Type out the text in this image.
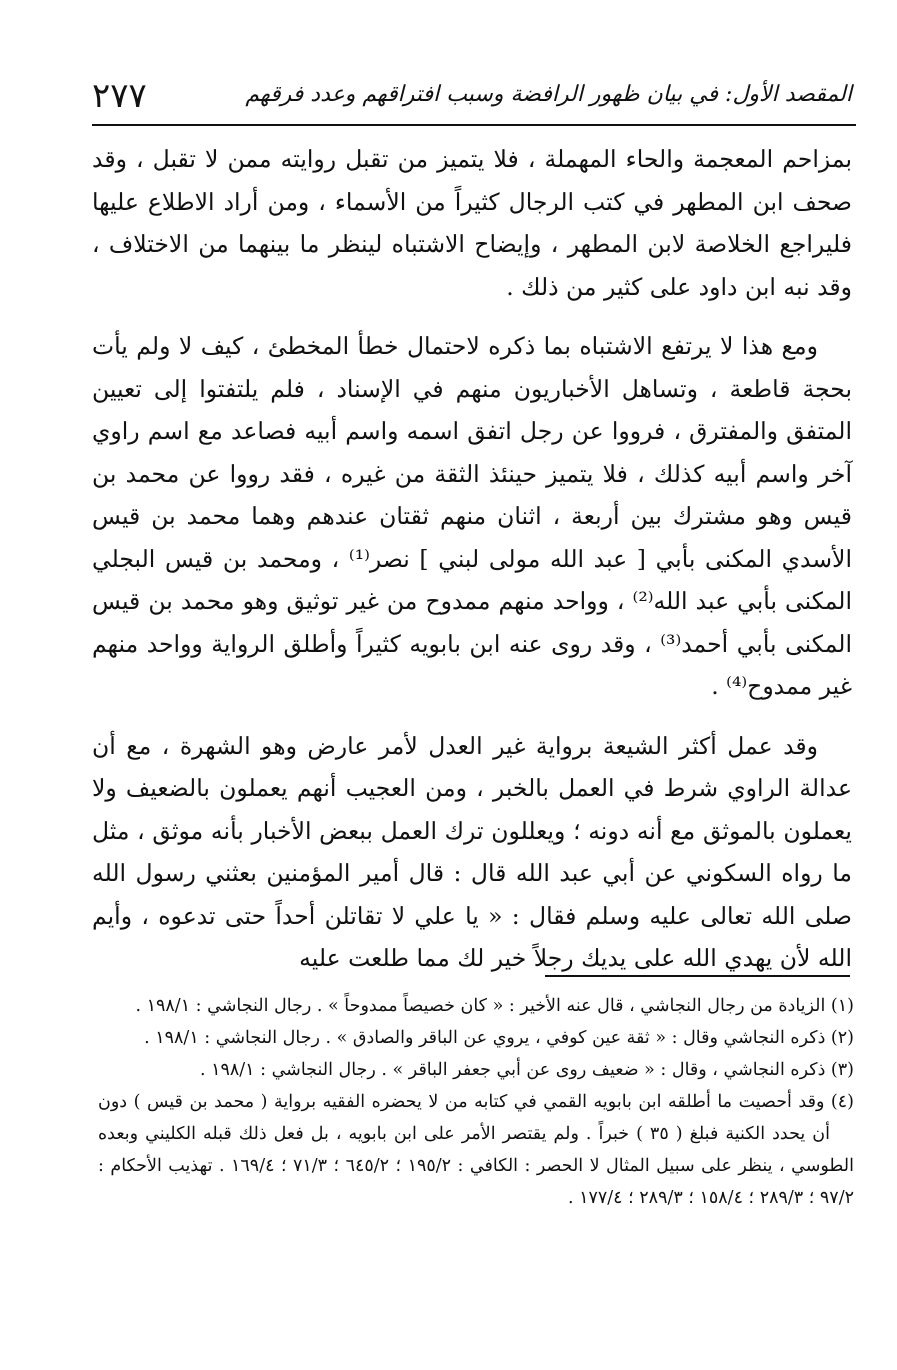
٢٧٧	المقصد الأول: في بيان ظهور الرافضة وسبب افتراقهم وعدد فرقهم

بمزاحم المعجمة والحاء المهملة ، فلا يتميز من تقبل روايته ممن لا تقبل ، وقد صحف ابن المطهر في كتب الرجال كثيراً من الأسماء ، ومن أراد الاطلاع عليها فليراجع الخلاصة لابن المطهر ، وإيضاح الاشتباه لينظر ما بينهما من الاختلاف ، وقد نبه ابن داود على كثير من ذلك .

ومع هذا لا يرتفع الاشتباه بما ذكره لاحتمال خطأ المخطئ ، كيف لا ولم يأت بحجة قاطعة ، وتساهل الأخباريون منهم في الإسناد ، فلم يلتفتوا إلى تعيين المتفق والمفترق ، فرووا عن رجل اتفق اسمه واسم أبيه فصاعد مع اسم راوي آخر واسم أبيه كذلك ، فلا يتميز حينئذ الثقة من غيره ، فقد رووا عن محمد بن قيس وهو مشترك بين أربعة ، اثنان منهم ثقتان عندهم وهما محمد بن قيس الأسدي المكنى بأبي [ عبد الله مولى لبني ] نصر⁽¹⁾ ، ومحمد بن قيس البجلي المكنى بأبي عبد الله⁽²⁾ ، وواحد منهم ممدوح من غير توثيق وهو محمد بن قيس المكنى بأبي أحمد⁽³⁾ ، وقد روى عنه ابن بابويه كثيراً وأطلق الرواية وواحد منهم غير ممدوح⁽⁴⁾ .

وقد عمل أكثر الشيعة برواية غير العدل لأمر عارض وهو الشهرة ، مع أن عدالة الراوي شرط في العمل بالخبر ، ومن العجيب أنهم يعملون بالضعيف ولا يعملون بالموثق مع أنه دونه ؛ ويعللون ترك العمل ببعض الأخبار بأنه موثق ، مثل ما رواه السكوني عن أبي عبد الله قال : قال أمير المؤمنين بعثني رسول الله صلى الله تعالى عليه وسلم فقال : « يا علي لا تقاتلن أحداً حتى تدعوه ، وأيم الله لأن يهدي الله على يديك رجلاً خير لك مما طلعت عليه

(١) الزيادة من رجال النجاشي ، قال عنه الأخير : « كان خصيصاً ممدوحاً » . رجال النجاشي : ١٩٨/١ .

(٢) ذكره النجاشي وقال : « ثقة عين كوفي ، يروي عن الباقر والصادق » . رجال النجاشي : ١٩٨/١ .

(٣) ذكره النجاشي ، وقال : « ضعيف روى عن أبي جعفر الباقر » . رجال النجاشي : ١٩٨/١ .

(٤) وقد أحصيت ما أطلقه ابن بابويه القمي في كتابه من لا يحضره الفقيه برواية ( محمد بن قيس ) دون أن يحدد الكنية فبلغ ( ٣٥ ) خبراً . ولم يقتصر الأمر على ابن بابويه ، بل فعل ذلك قبله الكليني وبعده الطوسي ، ينظر على سبيل المثال لا الحصر : الكافي : ١٩٥/٢ ؛ ٦٤٥/٢ ؛ ٧١/٣ ؛ ١٦٩/٤ . تهذيب الأحكام : ٩٧/٢ ؛ ٢٨٩/٣ ؛ ١٥٨/٤ ؛ ٢٨٩/٣ ؛ ١٧٧/٤ .
